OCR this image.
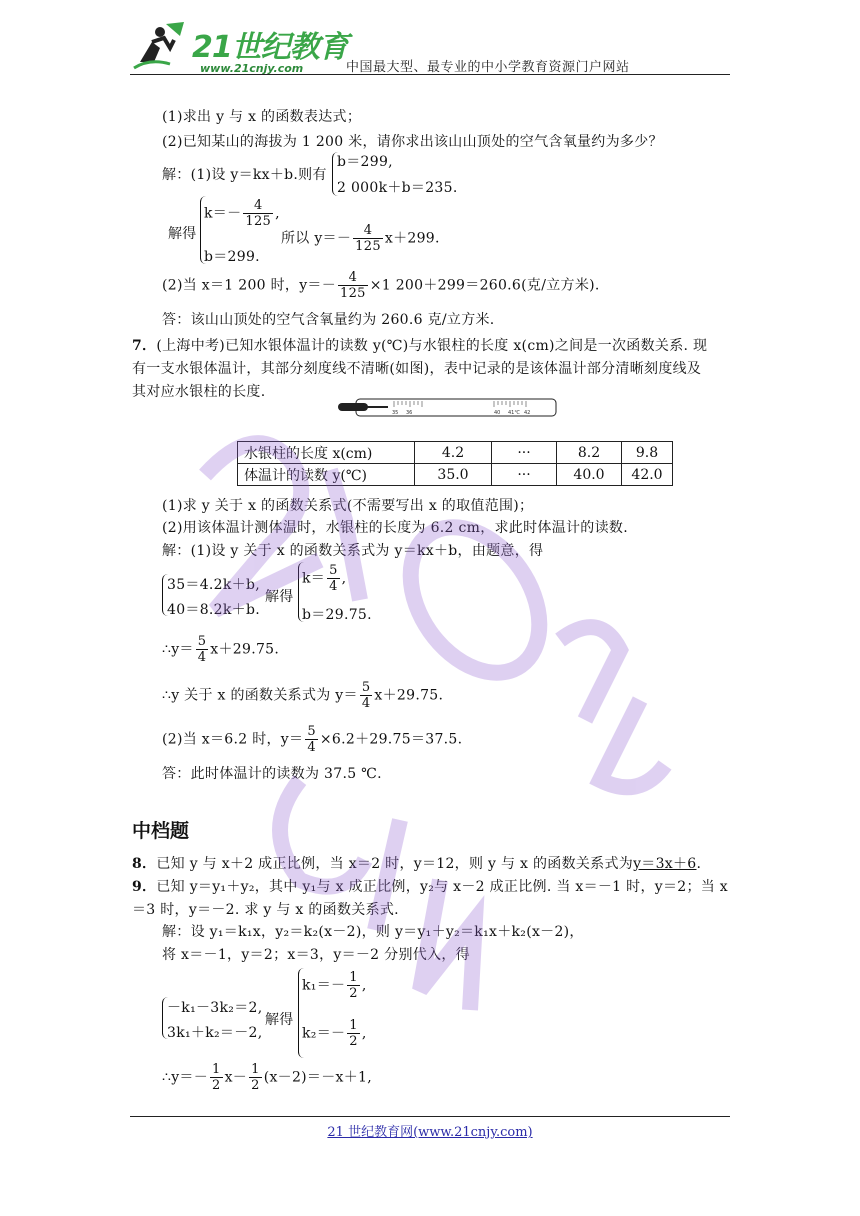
21世纪教育
www.21cnjy.com	中国最大型、最专业的中小学教育资源门户网站
(1)求出 y 与 x 的函数表达式；
(2)已知某山的海拔为 1 200 米，请你求出该山山顶处的空气含氧量约为多少？
解：(1)设 y＝kx＋b.则有
b＝299,
2 000k＋b＝235.
解得
$k=- \frac{4}{125}$ ,
所以 $y=- \frac{4}{125} x+299$.
b＝299.
(2)当 x＝1 200 时，$y=- \frac{4}{125} \times 1$ 200＋299＝260.6(克/立方米).
答：该山山顶处的空气含氧量约为 260.6 克/立方米.
7．(上海中考)已知水银体温计的读数 y(℃)与水银柱的长度 x(cm)之间是一次函数关系. 现
有一支水银体温计，其部分刻度线不清晰(如图)，表中记录的是该体温计部分清晰刻度线及
其对应水银柱的长度.
35 36	40 41℃ 42
水银柱的长度 x(cm)	4.2	···	8.2	9.8
体温计的读数 y(℃)	35.0	···	40.0	42.0
(1)求 y 关于 x 的函数关系式(不需要写出 x 的取值范围)；
(2)用该体温计测体温时，水银柱的长度为 6.2 cm，求此时体温计的读数.
解：(1)设 y 关于 x 的函数关系式为 y＝kx＋b，由题意，得
35＝4.2k＋b,
40＝8.2k＋b.
解得
$k= \frac{5}{4}$ ,
b＝29.75.
∴y＝ $\frac{5}{4} x+29.75$.
∴y 关于 x 的函数关系式为 $y= \frac{5}{4} x+29.75$.
(2)当 x＝6.2 时，$y= \frac{5}{4} \times 6.2+29.75=37.5$.
答：此时体温计的读数为 37.5 ℃.
中档题
8．已知 y 与 x＋2 成正比例，当 x＝2 时，y＝12，则 y 与 x 的函数关系式为y＝3x＋6.
9．已知 y＝y₁＋y₂，其中 y₁与 x 成正比例，y₂与 x－2 成正比例. 当 x＝－1 时，y＝2；当 x
＝3 时，y＝－2. 求 y 与 x 的函数关系式.
解：设 y₁＝k₁x，y₂＝k₂(x－2)，则 y＝y₁＋y₂＝k₁x＋k₂(x－2)，
将 x＝－1，y＝2；x＝3，y＝－2 分别代入，得
－k₁－3k₂＝2,
3k₁＋k₂＝－2,
解得
$k_1=- \frac{1}{2}$ ,
$k_2=- \frac{1}{2}$ ,
∴y＝－ $\frac{1}{2} x- \frac{1}{2} (x-2)=-x+1$,
21 世纪教育网(www.21cnjy.com)
